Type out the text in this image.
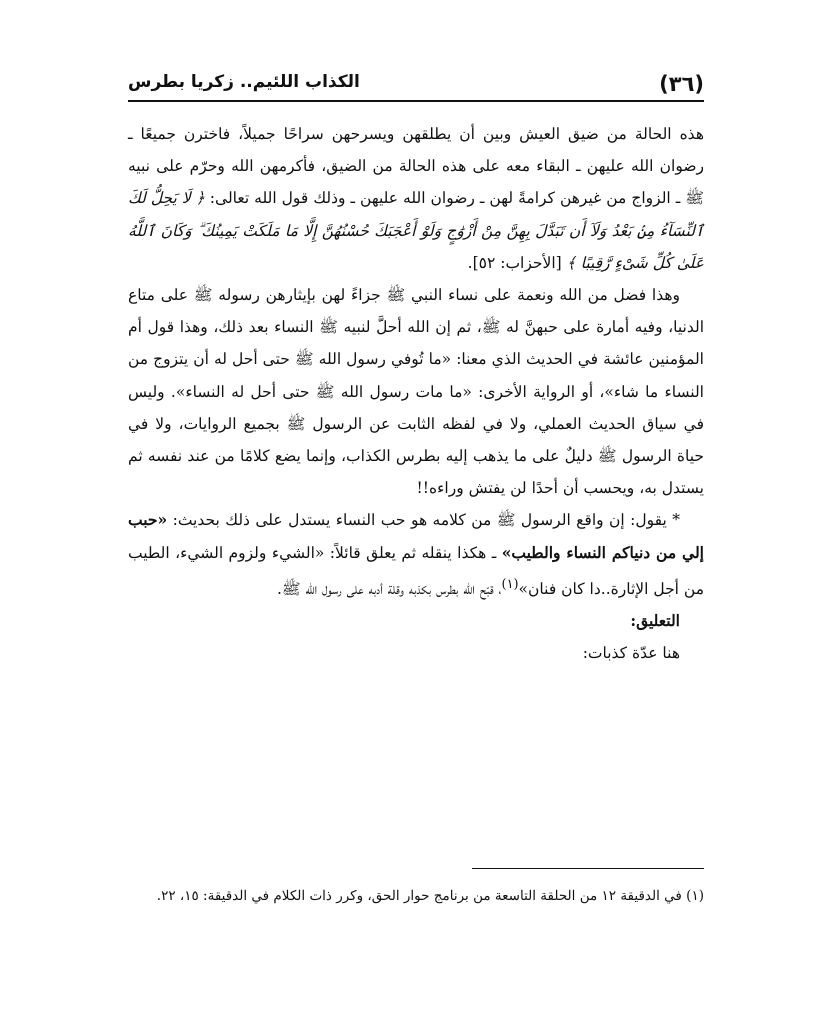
(٣٦)
الكذاب اللئيم.. زكريا بطرس

هذه الحالة من ضيق العيش وبين أن يطلقهن ويسرحهن سراحًا جميلاً، فاخترن جميعًا ـ رضوان الله عليهن ـ البقاء معه على هذه الحالة من الضيق، فأكرمهن الله وحرّم على نبيه ﷺ ـ الزواج من غيرهن كرامةً لهن ـ رضوان الله عليهن ـ وذلك قول الله تعالى: ﴿ لَا يَحِلُّ لَكَ ٱلنِّسَآءُ مِنۢ بَعْدُ وَلَآ أَن تَبَدَّلَ بِهِنَّ مِنْ أَزْوَٰجٍ وَلَوْ أَعْجَبَكَ حُسْنُهُنَّ إِلَّا مَا مَلَكَتْ يَمِينُكَ ۗ وَكَانَ ٱللَّهُ عَلَىٰ كُلِّ شَىْءٍ رَّقِيبًا ﴾ [الأحزاب: ٥٢].

وهذا فضل من الله ونعمة على نساء النبي ﷺ جزاءً لهن بإيثارهن رسوله ﷺ على متاع الدنيا، وفيه أمارة على حبهنَّ له ﷺ، ثم إن الله أحلَّ لنبيه ﷺ النساء بعد ذلك، وهذا قول أم المؤمنين عائشة في الحديث الذي معنا: «ما تُوفي رسول الله ﷺ حتى أحل له أن يتزوج من النساء ما شاء»، أو الرواية الأخرى: «ما مات رسول الله ﷺ حتى أحل له النساء». وليس في سياق الحديث العملي، ولا في لفظه الثابت عن الرسول ﷺ بجميع الروايات، ولا في حياة الرسول ﷺ دليلٌ على ما يذهب إليه بطرس الكذاب، وإنما يضع كلامًا من عند نفسه ثم يستدل به، ويحسب أن أحدًا لن يفتش وراءه!!

* يقول: إن واقع الرسول ﷺ من كلامه هو حب النساء يستدل على ذلك بحديث: «حبب إلي من دنياكم النساء والطيب» ـ هكذا ينقله ثم يعلق قائلاً: «الشيء ولزوم الشيء، الطيب من أجل الإثارة..دا كان فنان»$^{(١)}$، قبّح الله بطرس بكذبه وقلة أدبه على رسول الله ﷺ.

التعليق:

هنا عدّة كذبات:

(١) في الدقيقة ١٢ من الحلقة التاسعة من برنامج حوار الحق، وكرر ذات الكلام في الدقيقة: ١٥، ٢٢.
